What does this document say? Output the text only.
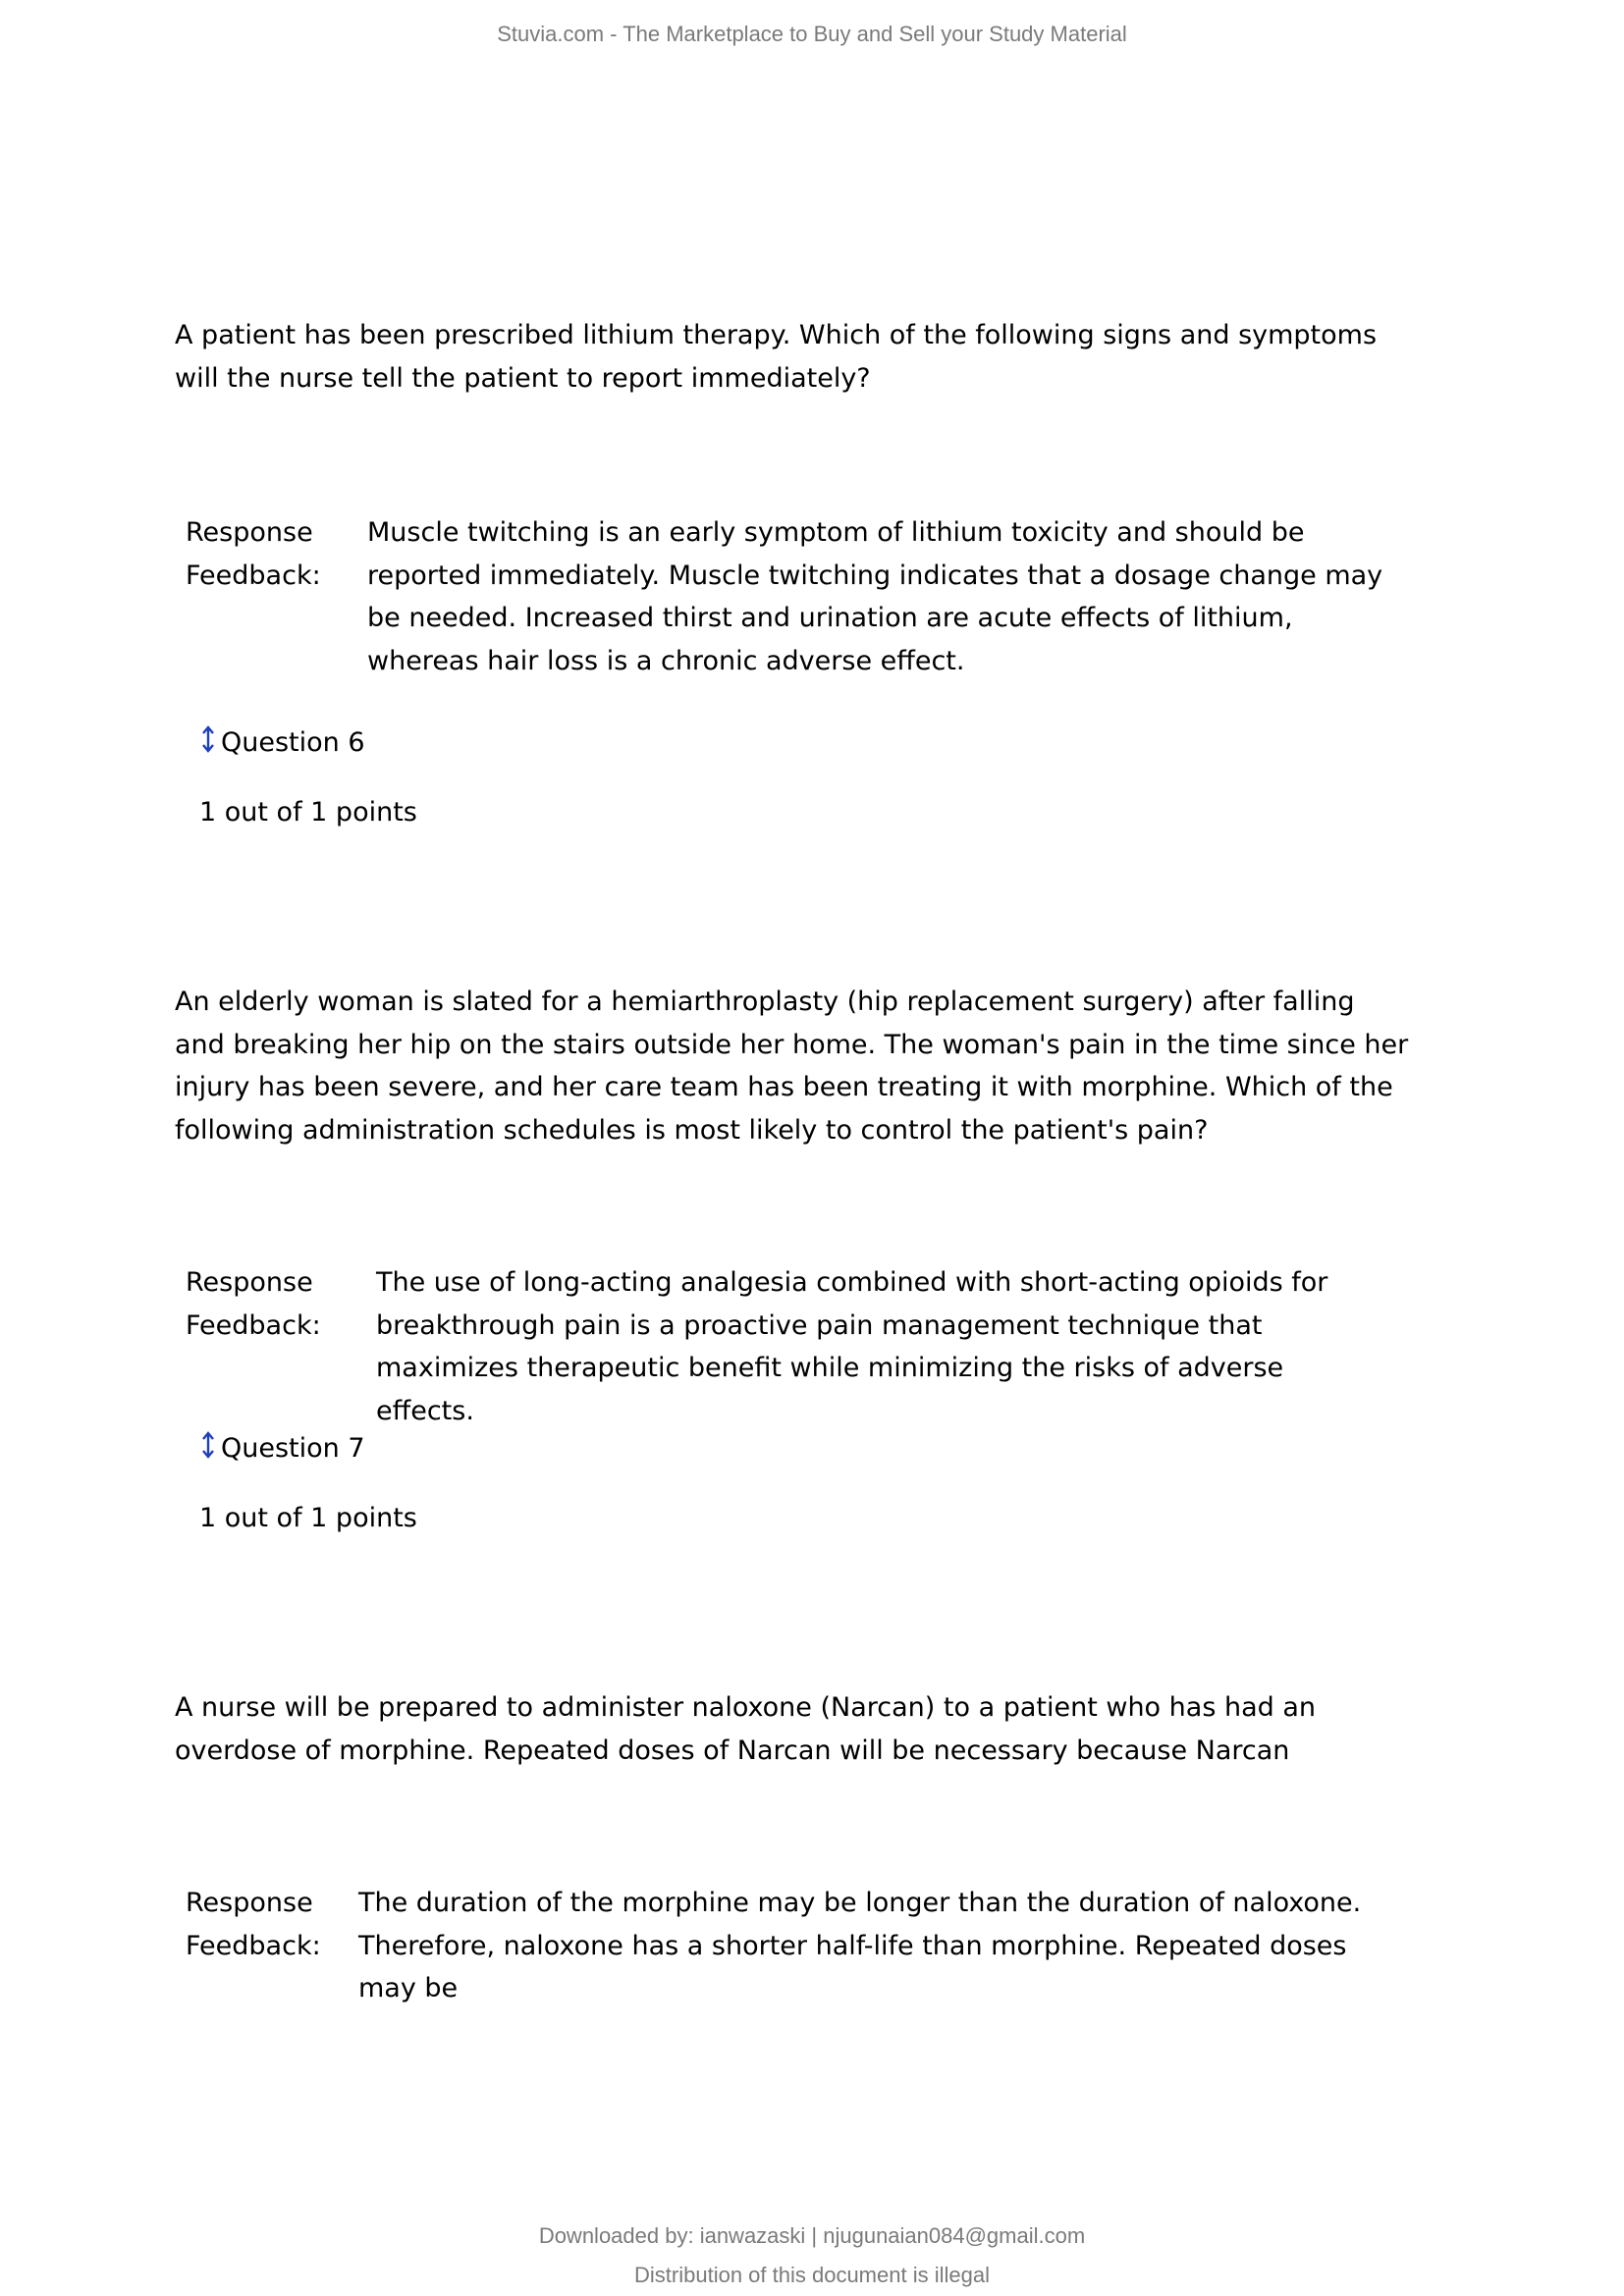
Stuvia.com - The Marketplace to Buy and Sell your Study Material
A patient has been prescribed lithium therapy. Which of the following signs and symptoms will the nurse tell the patient to report immediately?
Response
Feedback:
Muscle twitching is an early symptom of lithium toxicity and should be reported immediately. Muscle twitching indicates that a dosage change may be needed. Increased thirst and urination are acute effects of lithium, whereas hair loss is a chronic adverse effect.
Question 6
1 out of 1 points
An elderly woman is slated for a hemiarthroplasty (hip replacement surgery) after falling and breaking her hip on the stairs outside her home. The woman's pain in the time since her injury has been severe, and her care team has been treating it with morphine. Which of the following administration schedules is most likely to control the patient's pain?
Response
Feedback:
The use of long-acting analgesia combined with short-acting opioids for breakthrough pain is a proactive pain management technique that maximizes therapeutic benefit while minimizing the risks of adverse effects.
Question 7
1 out of 1 points
A nurse will be prepared to administer naloxone (Narcan) to a patient who has had an overdose of morphine. Repeated doses of Narcan will be necessary because Narcan
Response
Feedback:
The duration of the morphine may be longer than the duration of naloxone. Therefore, naloxone has a shorter half-life than morphine. Repeated doses may be
Downloaded by: ianwazaski | njugunaian084@gmail.com
Distribution of this document is illegal
